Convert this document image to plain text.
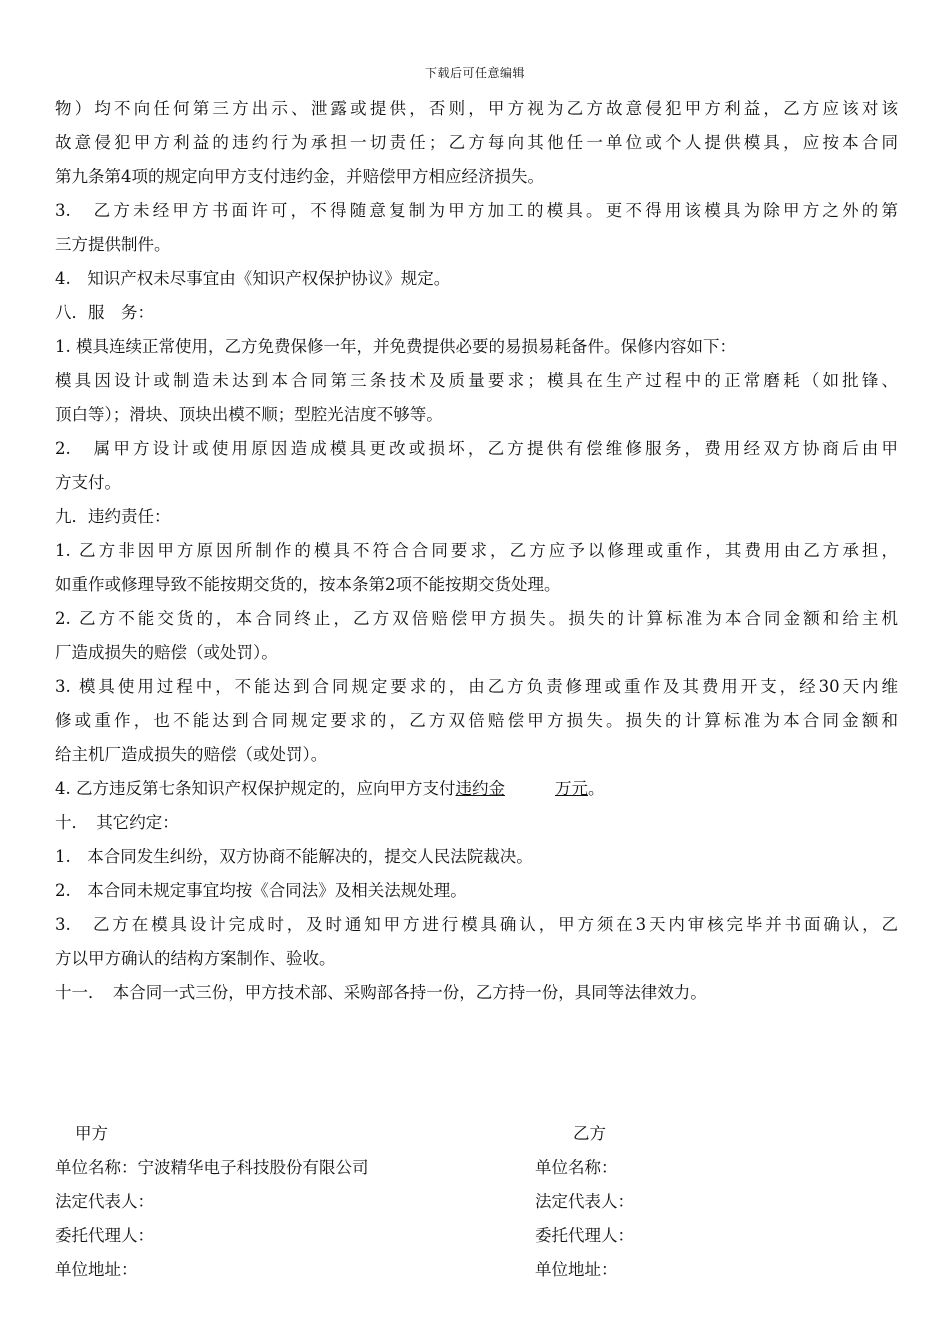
下载后可任意编辑
物）均不向任何第三方出示、泄露或提供，否则，甲方视为乙方故意侵犯甲方利益，乙方应该对该
故意侵犯甲方利益的违约行为承担一切责任；乙方每向其他任一单位或个人提供模具，应按本合同
第九条第4项的规定向甲方支付违约金，并赔偿甲方相应经济损失。
3.　乙方未经甲方书面许可，不得随意复制为甲方加工的模具。更不得用该模具为除甲方之外的第
三方提供制件。
4.　知识产权未尽事宜由《知识产权保护协议》规定。
八．服　务：
1. 模具连续正常使用，乙方免费保修一年，并免费提供必要的易损易耗备件。保修内容如下：
模具因设计或制造未达到本合同第三条技术及质量要求；模具在生产过程中的正常磨耗（如批锋、
顶白等）；滑块、顶块出模不顺；型腔光洁度不够等。
2.　属甲方设计或使用原因造成模具更改或损坏，乙方提供有偿维修服务，费用经双方协商后由甲
方支付。
九．违约责任：
1. 乙方非因甲方原因所制作的模具不符合合同要求，乙方应予以修理或重作，其费用由乙方承担，
如重作或修理导致不能按期交货的，按本条第2项不能按期交货处理。
2. 乙方不能交货的，本合同终止，乙方双倍赔偿甲方损失。损失的计算标准为本合同金额和给主机
厂造成损失的赔偿（或处罚）。
3. 模具使用过程中，不能达到合同规定要求的，由乙方负责修理或重作及其费用开支，经30天内维
修或重作，也不能达到合同规定要求的，乙方双倍赔偿甲方损失。损失的计算标准为本合同金额和
给主机厂造成损失的赔偿（或处罚）。
4. 乙方违反第七条知识产权保护规定的，应向甲方支付违约金	万元。
十．　其它约定：
1.　本合同发生纠纷，双方协商不能解决的，提交人民法院裁决。
2.　本合同未规定事宜均按《合同法》及相关法规处理。
3.　乙方在模具设计完成时，及时通知甲方进行模具确认，甲方须在3天内审核完毕并书面确认，乙
方以甲方确认的结构方案制作、验收。
十一．　本合同一式三份，甲方技术部、采购部各持一份，乙方持一份，具同等法律效力。
甲方
单位名称：宁波精华电子科技股份有限公司
法定代表人：
委托代理人：
单位地址：
乙方
单位名称：
法定代表人：
委托代理人：
单位地址：
